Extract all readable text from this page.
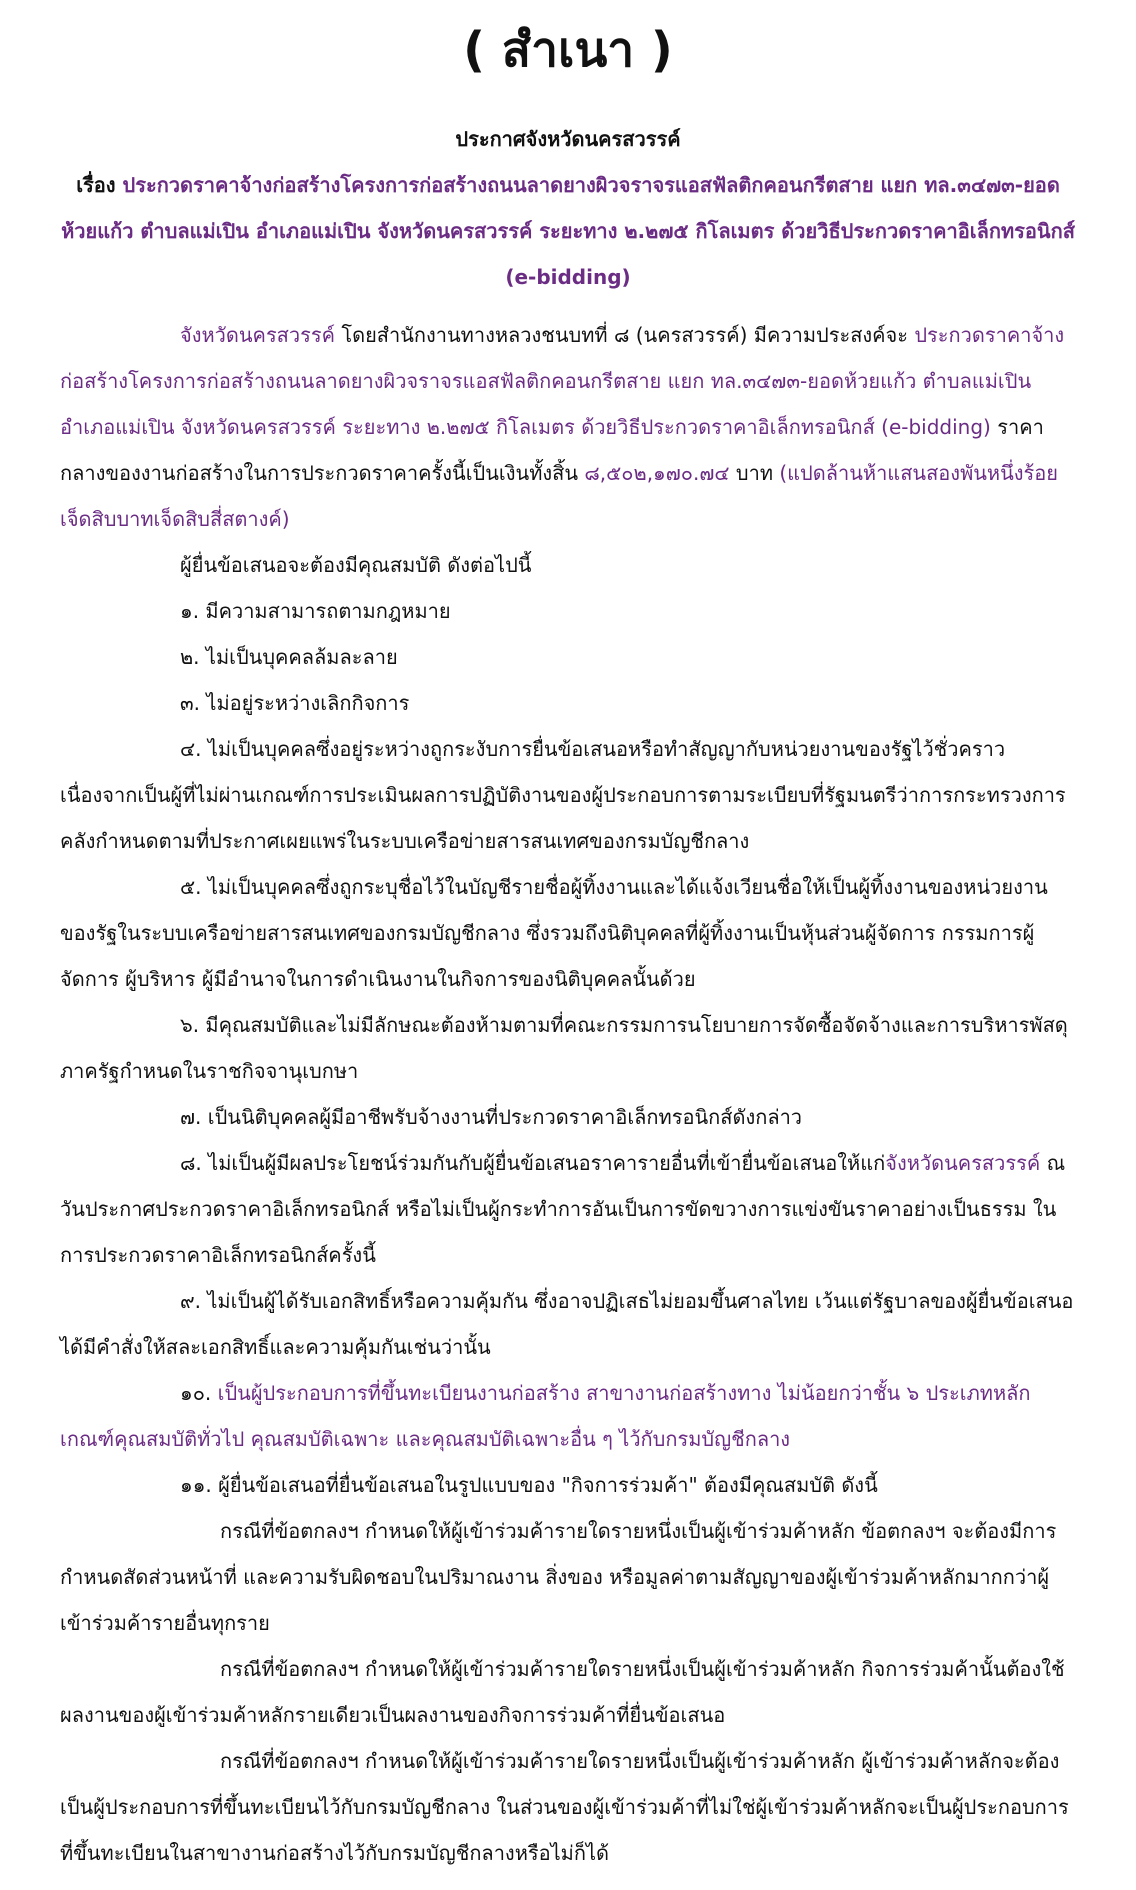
( สำเนา )

ประกาศจังหวัดนครสวรรค์

เรื่อง ประกวดราคาจ้างก่อสร้างโครงการก่อสร้างถนนลาดยางผิวจราจรแอสฟัลติกคอนกรีตสาย แยก ทล.๓๔๗๓-ยอดห้วยแก้ว ตำบลแม่เปิน อำเภอแม่เปิน จังหวัดนครสวรรค์ ระยะทาง ๒.๒๗๕ กิโลเมตร ด้วยวิธีประกวดราคาอิเล็กทรอนิกส์ (e-bidding)

จังหวัดนครสวรรค์ โดยสำนักงานทางหลวงชนบทที่ ๘ (นครสวรรค์) มีความประสงค์จะ ประกวดราคาจ้างก่อสร้างโครงการก่อสร้างถนนลาดยางผิวจราจรแอสฟัลติกคอนกรีตสาย แยก ทล.๓๔๗๓-ยอดห้วยแก้ว ตำบลแม่เปิน อำเภอแม่เปิน จังหวัดนครสวรรค์ ระยะทาง ๒.๒๗๕ กิโลเมตร ด้วยวิธีประกวดราคาอิเล็กทรอนิกส์ (e-bidding) ราคากลางของงานก่อสร้างในการประกวดราคาครั้งนี้เป็นเงินทั้งสิ้น ๘,๕๐๒,๑๗๐.๗๔ บาท (แปดล้านห้าแสนสองพันหนึ่งร้อยเจ็ดสิบบาทเจ็ดสิบสี่สตางค์)

ผู้ยื่นข้อเสนอจะต้องมีคุณสมบัติ ดังต่อไปนี้

๑. มีความสามารถตามกฎหมาย

๒. ไม่เป็นบุคคลล้มละลาย

๓. ไม่อยู่ระหว่างเลิกกิจการ

๔. ไม่เป็นบุคคลซึ่งอยู่ระหว่างถูกระงับการยื่นข้อเสนอหรือทำสัญญากับหน่วยงานของรัฐไว้ชั่วคราวเนื่องจากเป็นผู้ที่ไม่ผ่านเกณฑ์การประเมินผลการปฏิบัติงานของผู้ประกอบการตามระเบียบที่รัฐมนตรีว่าการกระทรวงการคลังกำหนดตามที่ประกาศเผยแพร่ในระบบเครือข่ายสารสนเทศของกรมบัญชีกลาง

๕. ไม่เป็นบุคคลซึ่งถูกระบุชื่อไว้ในบัญชีรายชื่อผู้ทิ้งงานและได้แจ้งเวียนชื่อให้เป็นผู้ทิ้งงานของหน่วยงานของรัฐในระบบเครือข่ายสารสนเทศของกรมบัญชีกลาง ซึ่งรวมถึงนิติบุคคลที่ผู้ทิ้งงานเป็นหุ้นส่วนผู้จัดการ กรรมการผู้จัดการ ผู้บริหาร ผู้มีอำนาจในการดำเนินงานในกิจการของนิติบุคคลนั้นด้วย

๖. มีคุณสมบัติและไม่มีลักษณะต้องห้ามตามที่คณะกรรมการนโยบายการจัดซื้อจัดจ้างและการบริหารพัสดุภาครัฐกำหนดในราชกิจจานุเบกษา

๗. เป็นนิติบุคคลผู้มีอาชีพรับจ้างงานที่ประกวดราคาอิเล็กทรอนิกส์ดังกล่าว

๘. ไม่เป็นผู้มีผลประโยชน์ร่วมกันกับผู้ยื่นข้อเสนอราคารายอื่นที่เข้ายื่นข้อเสนอให้แก่จังหวัดนครสวรรค์ ณ วันประกาศประกวดราคาอิเล็กทรอนิกส์ หรือไม่เป็นผู้กระทำการอันเป็นการขัดขวางการแข่งขันราคาอย่างเป็นธรรม ในการประกวดราคาอิเล็กทรอนิกส์ครั้งนี้

๙. ไม่เป็นผู้ได้รับเอกสิทธิ์หรือความคุ้มกัน ซึ่งอาจปฏิเสธไม่ยอมขึ้นศาลไทย เว้นแต่รัฐบาลของผู้ยื่นข้อเสนอได้มีคำสั่งให้สละเอกสิทธิ์และความคุ้มกันเช่นว่านั้น

๑๐. เป็นผู้ประกอบการที่ขึ้นทะเบียนงานก่อสร้าง สาขางานก่อสร้างทาง ไม่น้อยกว่าชั้น ๖ ประเภทหลักเกณฑ์คุณสมบัติทั่วไป คุณสมบัติเฉพาะ และคุณสมบัติเฉพาะอื่น ๆ ไว้กับกรมบัญชีกลาง

๑๑. ผู้ยื่นข้อเสนอที่ยื่นข้อเสนอในรูปแบบของ "กิจการร่วมค้า" ต้องมีคุณสมบัติ ดังนี้

กรณีที่ข้อตกลงฯ กำหนดให้ผู้เข้าร่วมค้ารายใดรายหนึ่งเป็นผู้เข้าร่วมค้าหลัก ข้อตกลงฯ จะต้องมีการกำหนดสัดส่วนหน้าที่ และความรับผิดชอบในปริมาณงาน สิ่งของ หรือมูลค่าตามสัญญาของผู้เข้าร่วมค้าหลักมากกว่าผู้เข้าร่วมค้ารายอื่นทุกราย

กรณีที่ข้อตกลงฯ กำหนดให้ผู้เข้าร่วมค้ารายใดรายหนึ่งเป็นผู้เข้าร่วมค้าหลัก กิจการร่วมค้านั้นต้องใช้ผลงานของผู้เข้าร่วมค้าหลักรายเดียวเป็นผลงานของกิจการร่วมค้าที่ยื่นข้อเสนอ

กรณีที่ข้อตกลงฯ กำหนดให้ผู้เข้าร่วมค้ารายใดรายหนึ่งเป็นผู้เข้าร่วมค้าหลัก ผู้เข้าร่วมค้าหลักจะต้องเป็นผู้ประกอบการที่ขึ้นทะเบียนไว้กับกรมบัญชีกลาง ในส่วนของผู้เข้าร่วมค้าที่ไม่ใช่ผู้เข้าร่วมค้าหลักจะเป็นผู้ประกอบการที่ขึ้นทะเบียนในสาขางานก่อสร้างไว้กับกรมบัญชีกลางหรือไม่ก็ได้
